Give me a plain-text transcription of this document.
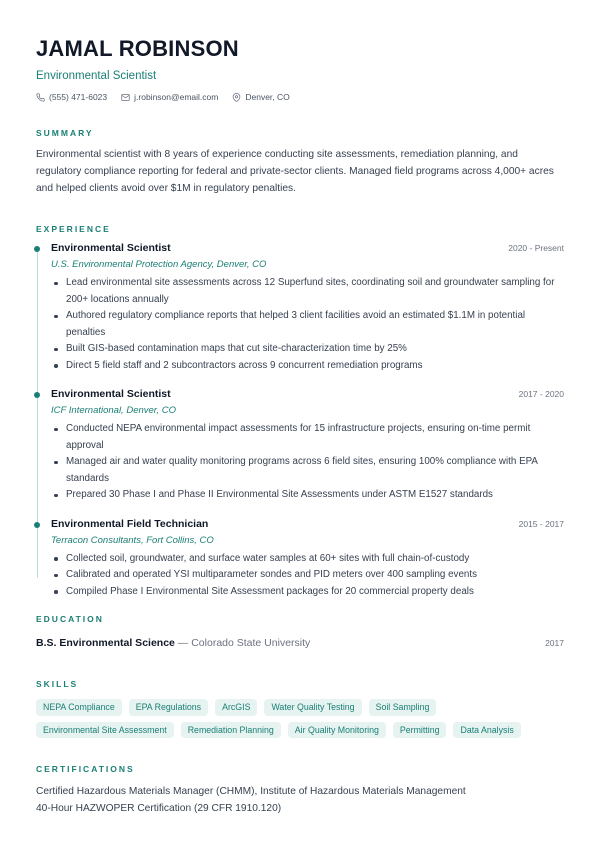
JAMAL ROBINSON
Environmental Scientist
(555) 471-6023	j.robinson@email.com	Denver, CO
SUMMARY

Environmental scientist with 8 years of experience conducting site assessments, remediation planning, and regulatory compliance reporting for federal and private-sector clients. Managed field programs across 4,000+ acres and helped clients avoid over $1M in regulatory penalties.

EXPERIENCE
Environmental Scientist	2020 - Present
U.S. Environmental Protection Agency, Denver, CO
Lead environmental site assessments across 12 Superfund sites, coordinating soil and groundwater sampling for 200+ locations annually
Authored regulatory compliance reports that helped 3 client facilities avoid an estimated $1.1M in potential penalties
Built GIS-based contamination maps that cut site-characterization time by 25%
Direct 5 field staff and 2 subcontractors across 9 concurrent remediation programs
Environmental Scientist	2017 - 2020
ICF International, Denver, CO
Conducted NEPA environmental impact assessments for 15 infrastructure projects, ensuring on-time permit approval
Managed air and water quality monitoring programs across 6 field sites, ensuring 100% compliance with EPA standards
Prepared 30 Phase I and Phase II Environmental Site Assessments under ASTM E1527 standards
Environmental Field Technician	2015 - 2017
Terracon Consultants, Fort Collins, CO
Collected soil, groundwater, and surface water samples at 60+ sites with full chain-of-custody
Calibrated and operated YSI multiparameter sondes and PID meters over 400 sampling events
Compiled Phase I Environmental Site Assessment packages for 20 commercial property deals
EDUCATION
B.S. Environmental Science — Colorado State University	2017
SKILLS
NEPA Compliance	EPA Regulations	ArcGIS	Water Quality Testing	Soil Sampling
Environmental Site Assessment	Remediation Planning	Air Quality Monitoring	Permitting	Data Analysis
CERTIFICATIONS
Certified Hazardous Materials Manager (CHMM), Institute of Hazardous Materials Management
40-Hour HAZWOPER Certification (29 CFR 1910.120)
